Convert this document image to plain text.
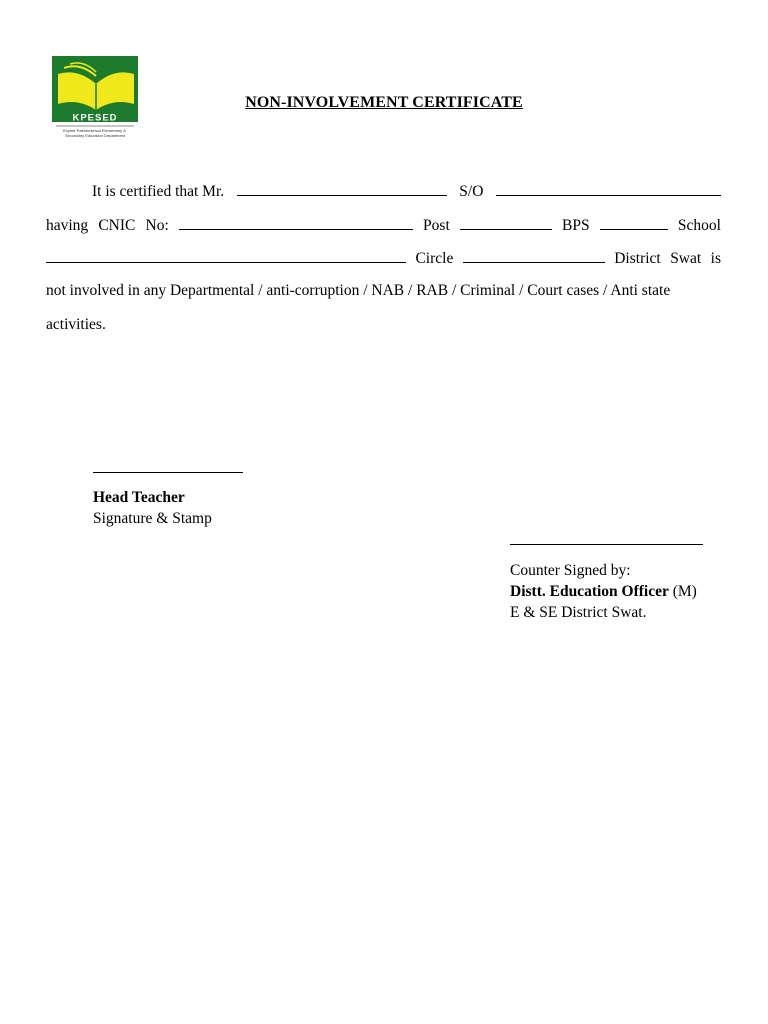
KPESED
Khyber Pakhtunkhwa Elementary & Secondary Education Department
NON-INVOLVEMENT CERTIFICATE
It is certified that Mr.	S/O
having CNIC No:	Post	BPS	School
Circle	District Swat is
not involved in any Departmental / anti-corruption / NAB / RAB / Criminal / Court cases / Anti state
activities.
Head Teacher
Signature & Stamp
Counter Signed by:
Distt. Education Officer (M)
E & SE District Swat.
